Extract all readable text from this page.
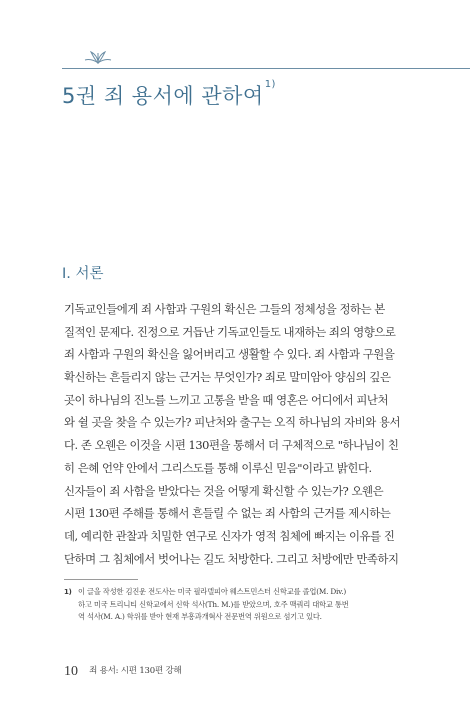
5권 죄 용서에 관하여$^{1)}$
I. 서론
기독교인들에게 죄 사함과 구원의 확신은 그들의 정체성을 정하는 본
질적인 문제다. 진정으로 거듭난 기독교인들도 내재하는 죄의 영향으로
죄 사함과 구원의 확신을 잃어버리고 생활할 수 있다. 죄 사함과 구원을
확신하는 흔들리지 않는 근거는 무엇인가? 죄로 말미암아 양심의 깊은
곳이 하나님의 진노를 느끼고 고통을 받을 때 영혼은 어디에서 피난처
와 쉴 곳을 찾을 수 있는가? 피난처와 출구는 오직 하나님의 자비와 용서
다. 존 오웬은 이것을 시편 130편을 통해서 더 구체적으로 "하나님이 친
히 은혜 언약 안에서 그리스도를 통해 이루신 믿음"이라고 밝힌다.
신자들이 죄 사함을 받았다는 것을 어떻게 확신할 수 있는가? 오웬은
시편 130편 주해를 통해서 흔들릴 수 없는 죄 사함의 근거를 제시하는
데, 예리한 관찰과 치밀한 연구로 신자가 영적 침체에 빠지는 이유를 진
단하며 그 침체에서 벗어나는 길도 처방한다. 그리고 처방에만 만족하지
1) 이 글을 작성한 김진운 전도사는 미국 필라델피아 웨스트민스터 신학교를 졸업(M. Div.)
하고 미국 트리니티 신학교에서 신학 석사(Th. M.)를 받았으며, 호주 맥쿼리 대학교 통번
역 석사(M. A.) 학위를 받아 현재 부흥과개혁사 전문번역 위원으로 섬기고 있다.
10 죄 용서: 시편 130편 강해
